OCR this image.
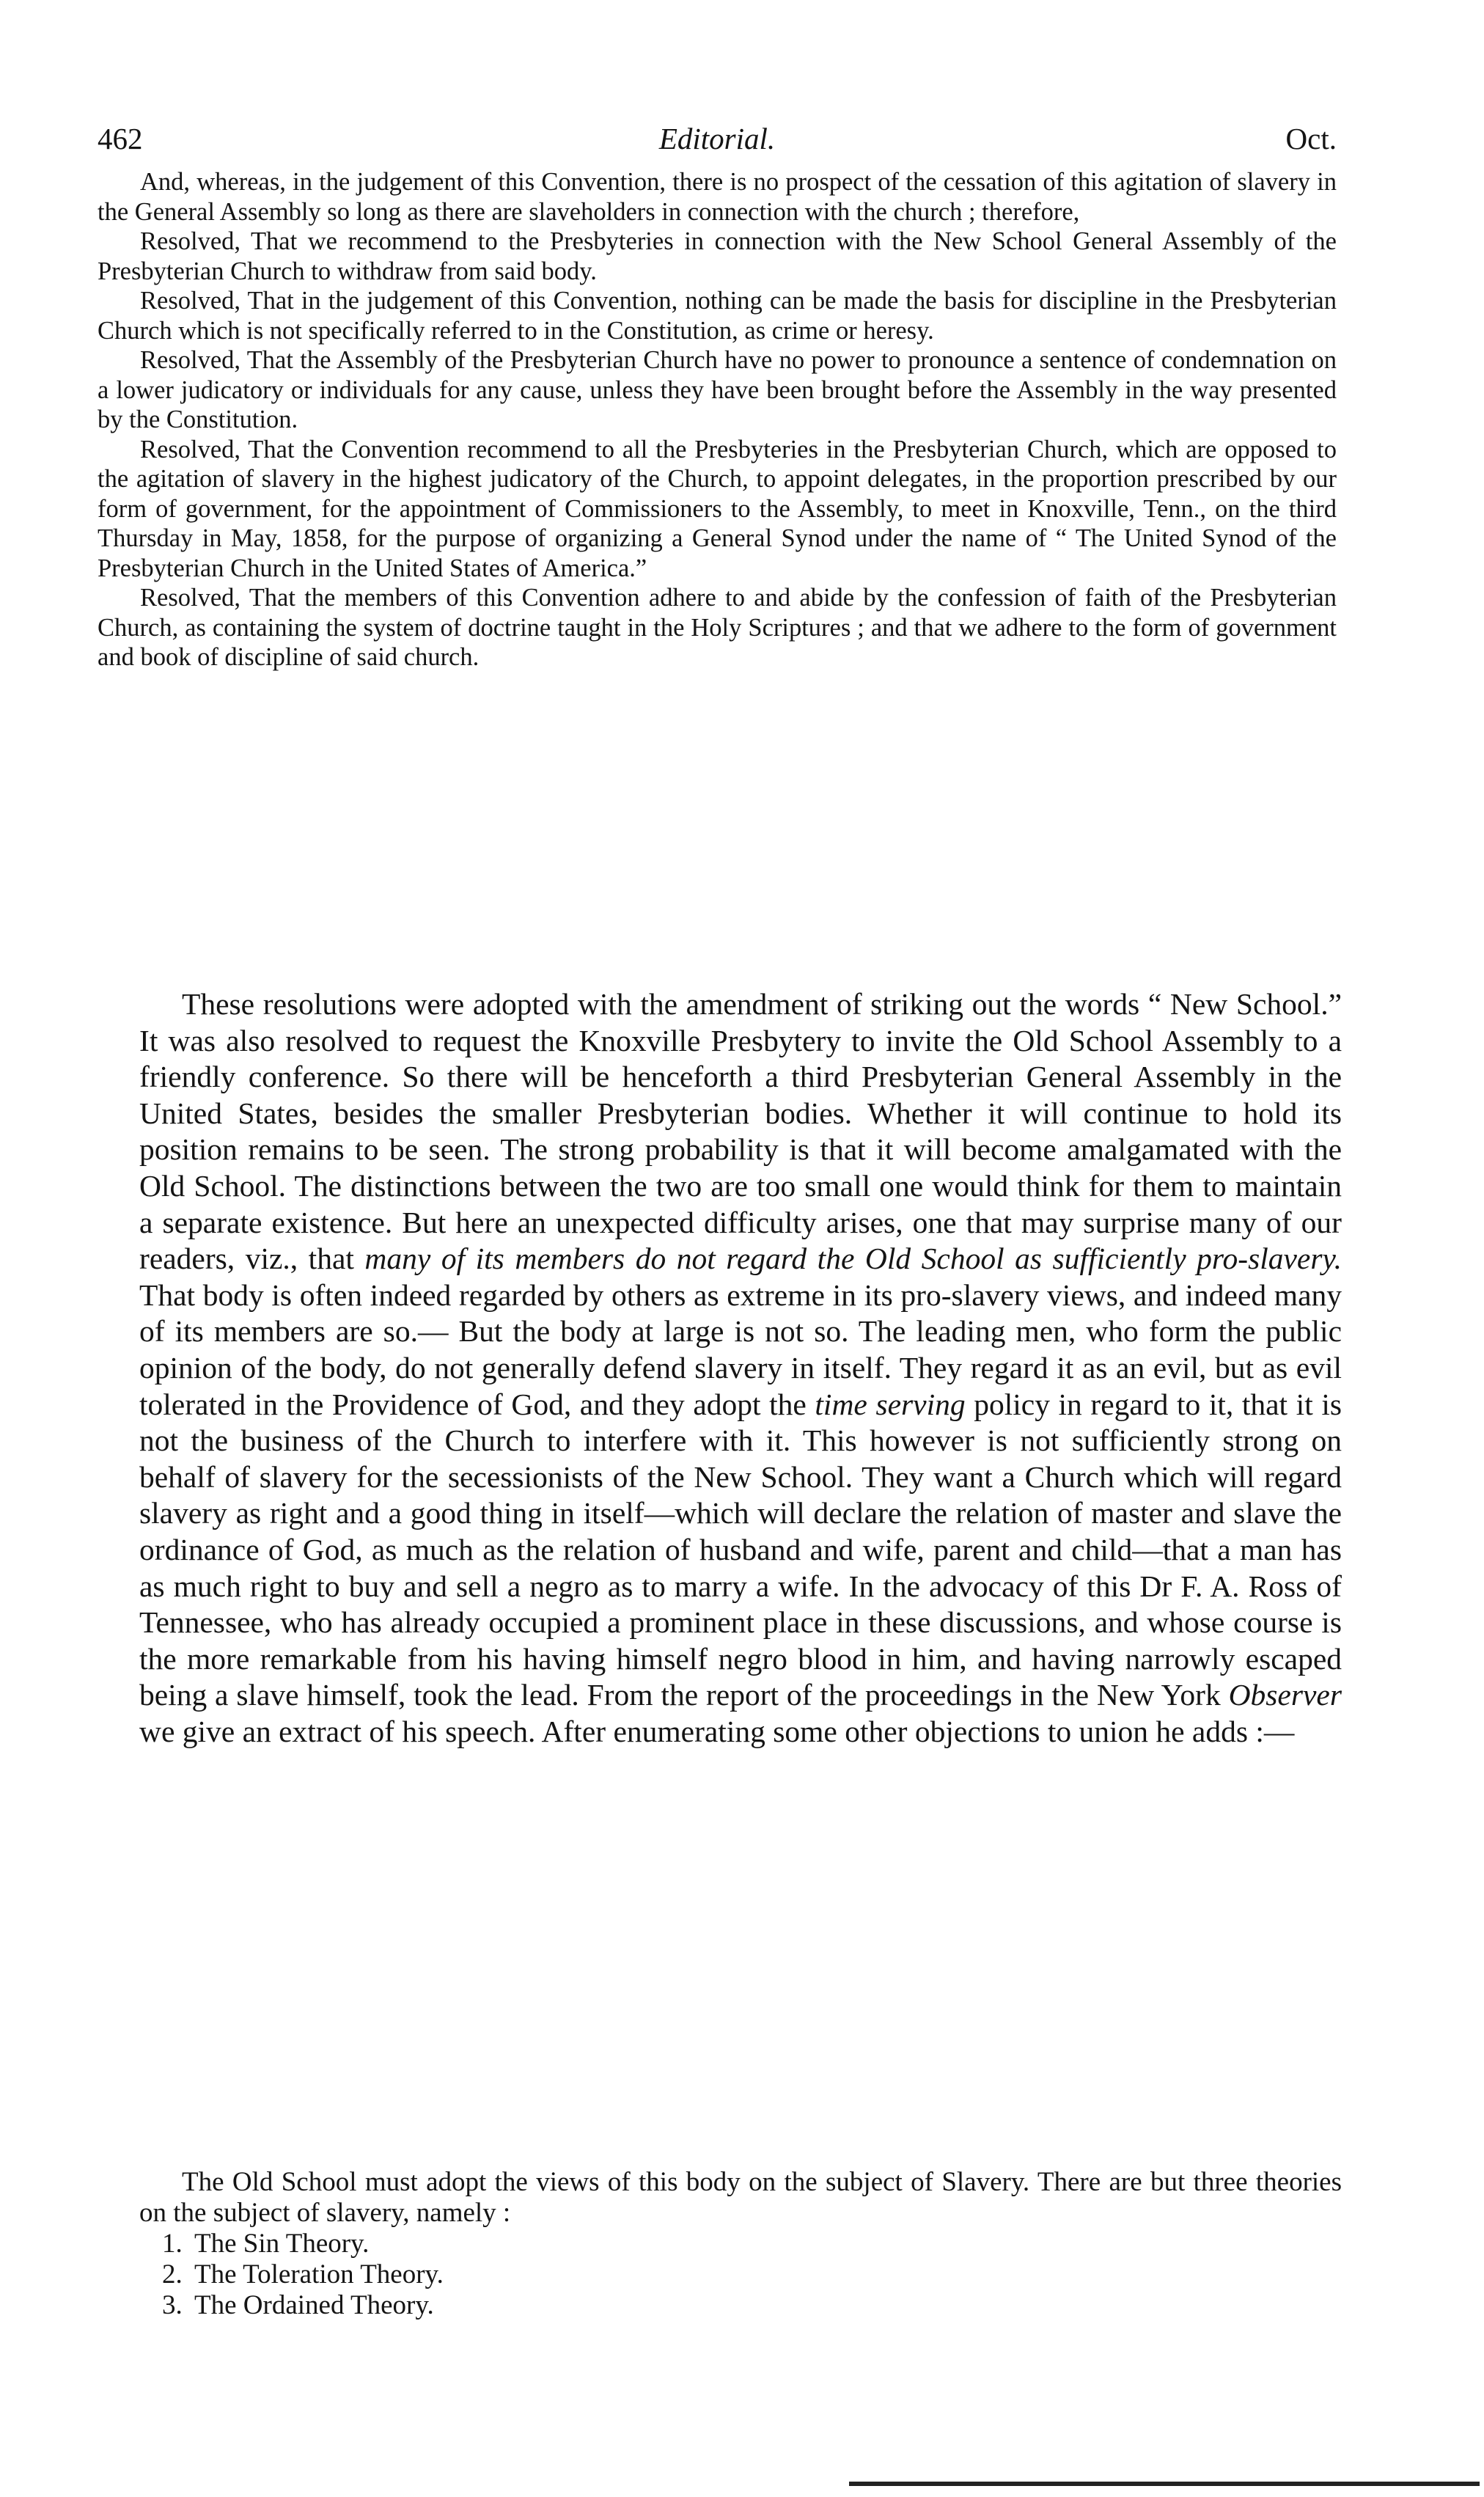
462	Editorial.	Oct.

And, whereas, in the judgement of this Convention, there is no prospect of the cessation of this agitation of slavery in the General Assembly so long as there are slaveholders in connection with the church ; therefore,

Resolved, That we recommend to the Presbyteries in connection with the New School General Assembly of the Presbyterian Church to withdraw from said body.

Resolved, That in the judgement of this Convention, nothing can be made the basis for discipline in the Presbyterian Church which is not specifically referred to in the Constitution, as crime or heresy.

Resolved, That the Assembly of the Presbyterian Church have no power to pronounce a sentence of condemnation on a lower judicatory or individuals for any cause, unless they have been brought before the Assembly in the way presented by the Constitution.

Resolved, That the Convention recommend to all the Presbyteries in the Presbyterian Church, which are opposed to the agitation of slavery in the highest judicatory of the Church, to appoint delegates, in the proportion prescribed by our form of government, for the appointment of Commissioners to the Assembly, to meet in Knoxville, Tenn., on the third Thursday in May, 1858, for the purpose of organizing a General Synod under the name of “ The United Synod of the Presbyterian Church in the United States of America.”

Resolved, That the members of this Convention adhere to and abide by the confession of faith of the Presbyterian Church, as containing the system of doctrine taught in the Holy Scriptures ; and that we adhere to the form of government and book of discipline of said church.

These resolutions were adopted with the amendment of striking out the words “ New School.” It was also resolved to request the Knoxville Presbytery to invite the Old School Assembly to a friendly conference. So there will be henceforth a third Presbyterian General Assembly in the United States, besides the smaller Presbyterian bodies. Whether it will continue to hold its position remains to be seen. The strong probability is that it will become amalgamated with the Old School. The distinctions between the two are too small one would think for them to maintain a separate existence. But here an unexpected difficulty arises, one that may surprise many of our readers, viz., that many of its members do not regard the Old School as sufficiently pro-slavery. That body is often indeed regarded by others as extreme in its pro-slavery views, and indeed many of its members are so.— But the body at large is not so. The leading men, who form the public opinion of the body, do not generally defend slavery in itself. They regard it as an evil, but as evil tolerated in the Providence of God, and they adopt the time serving policy in regard to it, that it is not the business of the Church to interfere with it. This however is not sufficiently strong on behalf of slavery for the secessionists of the New School. They want a Church which will regard slavery as right and a good thing in itself—which will declare the relation of master and slave the ordinance of God, as much as the relation of husband and wife, parent and child—that a man has as much right to buy and sell a negro as to marry a wife. In the advocacy of this Dr F. A. Ross of Tennessee, who has already occupied a prominent place in these discussions, and whose course is the more remarkable from his having himself negro blood in him, and having narrowly escaped being a slave himself, took the lead. From the report of the proceedings in the New York Observer we give an extract of his speech. After enumerating some other objections to union he adds :—

The Old School must adopt the views of this body on the subject of Slavery. There are but three theories on the subject of slavery, namely :

1. The Sin Theory.
2. The Toleration Theory.
3. The Ordained Theory.
